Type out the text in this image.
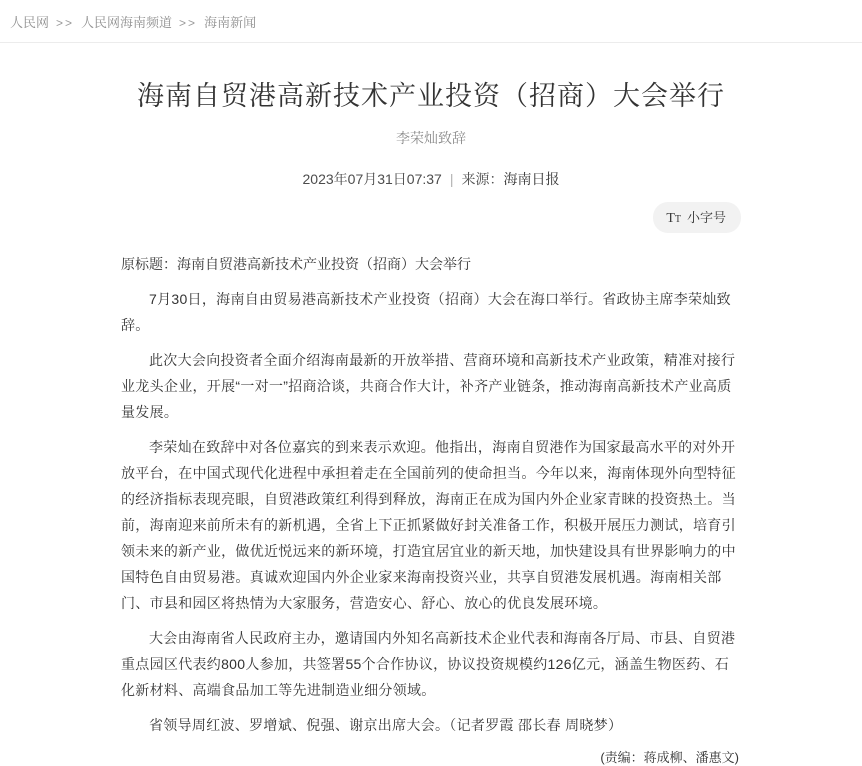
人民网 >> 人民网海南频道 >> 海南新闻
海南自贸港高新技术产业投资（招商）大会举行
李荣灿致辞
2023年07月31日07:37 | 来源：海南日报
TT 小字号

原标题：海南自贸港高新技术产业投资（招商）大会举行

7月30日，海南自由贸易港高新技术产业投资（招商）大会在海口举行。省政协主席李荣灿致辞。

此次大会向投资者全面介绍海南最新的开放举措、营商环境和高新技术产业政策，精准对接行业龙头企业，开展“一对一”招商洽谈，共商合作大计，补齐产业链条，推动海南高新技术产业高质量发展。

李荣灿在致辞中对各位嘉宾的到来表示欢迎。他指出，海南自贸港作为国家最高水平的对外开放平台，在中国式现代化进程中承担着走在全国前列的使命担当。今年以来，海南体现外向型特征的经济指标表现亮眼，自贸港政策红利得到释放，海南正在成为国内外企业家青睐的投资热土。当前，海南迎来前所未有的新机遇，全省上下正抓紧做好封关准备工作，积极开展压力测试，培育引领未来的新产业，做优近悦远来的新环境，打造宜居宜业的新天地，加快建设具有世界影响力的中国特色自由贸易港。真诚欢迎国内外企业家来海南投资兴业，共享自贸港发展机遇。海南相关部门、市县和园区将热情为大家服务，营造安心、舒心、放心的优良发展环境。

大会由海南省人民政府主办，邀请国内外知名高新技术企业代表和海南各厅局、市县、自贸港重点园区代表约800人参加，共签署55个合作协议，协议投资规模约126亿元，涵盖生物医药、石化新材料、高端食品加工等先进制造业细分领域。

省领导周红波、罗增斌、倪强、谢京出席大会。（记者罗霞 邵长春 周晓梦）

(责编：蒋成柳、潘惠文)
